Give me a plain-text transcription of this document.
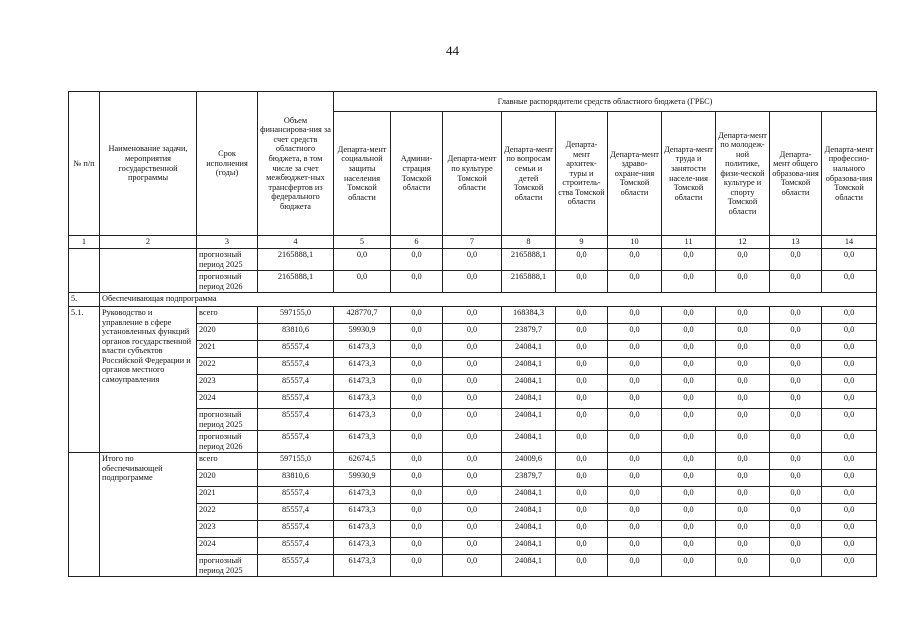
44
№ п/п	Наименование задачи, мероприятия государственной программы	Срок исполнения (годы)	Объем финансирова-ния за счет средств областного бюджета, в том числе за счет межбюджет-ных трансфертов из федерального бюджета	Главные распорядители средств областного бюджета (ГРБС)									
				Департа-мент социальной защиты населения Томской области	Админи-страция Томской области	Департа-мент по культуре Томской области	Департа-мент по вопросам семьи и детей Томской области	Департа-мент архитек-туры и строитель-ства Томской области	Департа-мент здраво-охране-ния Томской области	Департа-мент труда и занятости населе-ния Томской области	Департа-мент по молодеж-ной политике, физи-ческой культуре и спорту Томской области	Департа-мент общего образова-ния Томской области	Департа-мент профессио-нального образова-ния Томской области
1	2	3	4	5	6	7	8	9	10	11	12	13	14
		прогнозный период 2025	2165888,1	0,0	0,0	0,0	2165888,1	0,0	0,0	0,0	0,0	0,0	0,0
		прогнозный период 2026	2165888,1	0,0	0,0	0,0	2165888,1	0,0	0,0	0,0	0,0	0,0	0,0
5.	Обеспечивающая подпрограмма												
5.1.	Руководство и управление в сфере установленных функций органов государственной власти субъектов Российской Федерации и органов местного самоуправления	всего	597155,0	428770,7	0,0	0,0	168384,3	0,0	0,0	0,0	0,0	0,0	0,0
		2020	83810,6	59930,9	0,0	0,0	23879,7	0,0	0,0	0,0	0,0	0,0	0,0
		2021	85557,4	61473,3	0,0	0,0	24084,1	0,0	0,0	0,0	0,0	0,0	0,0
		2022	85557,4	61473,3	0,0	0,0	24084,1	0,0	0,0	0,0	0,0	0,0	0,0
		2023	85557,4	61473,3	0,0	0,0	24084,1	0,0	0,0	0,0	0,0	0,0	0,0
		2024	85557,4	61473,3	0,0	0,0	24084,1	0,0	0,0	0,0	0,0	0,0	0,0
		прогнозный период 2025	85557,4	61473,3	0,0	0,0	24084,1	0,0	0,0	0,0	0,0	0,0	0,0
		прогнозный период 2026	85557,4	61473,3	0,0	0,0	24084,1	0,0	0,0	0,0	0,0	0,0	0,0
	Итого по обеспечивающей подпрограмме	всего	597155,0	62674,5	0,0	0,0	24009,6	0,0	0,0	0,0	0,0	0,0	0,0
		2020	83810,6	59930,9	0,0	0,0	23879,7	0,0	0,0	0,0	0,0	0,0	0,0
		2021	85557,4	61473,3	0,0	0,0	24084,1	0,0	0,0	0,0	0,0	0,0	0,0
		2022	85557,4	61473,3	0,0	0,0	24084,1	0,0	0,0	0,0	0,0	0,0	0,0
		2023	85557,4	61473,3	0,0	0,0	24084,1	0,0	0,0	0,0	0,0	0,0	0,0
		2024	85557,4	61473,3	0,0	0,0	24084,1	0,0	0,0	0,0	0,0	0,0	0,0
		прогнозный период 2025	85557,4	61473,3	0,0	0,0	24084,1	0,0	0,0	0,0	0,0	0,0	0,0
